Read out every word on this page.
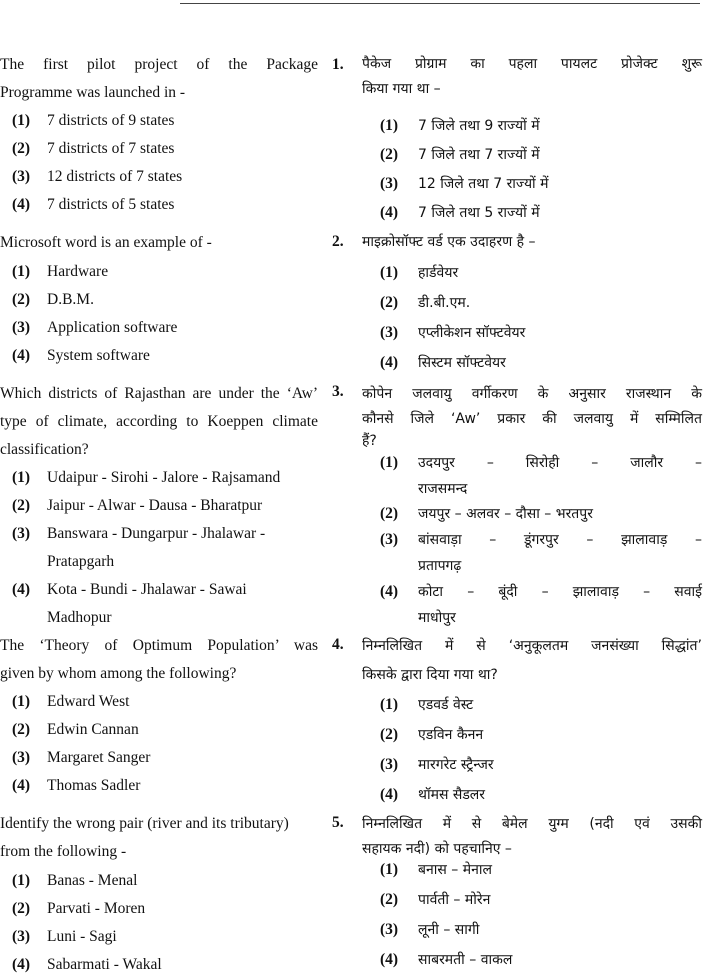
The first pilot project of the Package

Programme was launched in -

(1) 7 districts of 9 states
(2) 7 districts of 7 states
(3) 12 districts of 7 states
(4) 7 districts of 5 states

Microsoft word is an example of -

(1) Hardware
(2) D.B.M.
(3) Application software
(4) System software

Which districts of Rajasthan are under the ‘Aw’

type of climate, according to Koeppen climate

classification?

(1) Udaipur - Sirohi - Jalore - Rajsamand
(2) Jaipur - Alwar - Dausa - Bharatpur
(3) Banswara - Dungarpur - Jhalawar -
Pratapgarh
(4) Kota - Bundi - Jhalawar - Sawai
Madhopur

The ‘Theory of Optimum Population’ was

given by whom among the following?

(1) Edward West
(2) Edwin Cannan
(3) Margaret Sanger
(4) Thomas Sadler

Identify the wrong pair (river and its tributary)

from the following -

(1) Banas - Menal
(2) Parvati - Moren
(3) Luni - Sagi
(4) Sabarmati - Wakal
1.
2.
3.
4.
5.

पैकेज प्रोग्राम का पहला पायलट प्रोजेक्ट शुरू

किया गया था –

(1) 7 जिले तथा 9 राज्यों में
(2) 7 जिले तथा 7 राज्यों में
(3) 12 जिले तथा 7 राज्यों में
(4) 7 जिले तथा 5 राज्यों में

माइक्रोसॉफ्ट वर्ड एक उदाहरण है –

(1) हार्डवेयर
(2) डी.बी.एम.
(3) एप्लीकेशन सॉफ्टवेयर
(4) सिस्टम सॉफ्टवेयर

कोपेन जलवायु वर्गीकरण के अनुसार राजस्थान के

कौनसे जिले ‘Aw’ प्रकार की जलवायु में सम्मिलित

हैं?

(1) उदयपुर – सिरोही – जालौर –
राजसमन्द
(2) जयपुर – अलवर – दौसा – भरतपुर
(3) बांसवाड़ा – डूंगरपुर – झालावाड़ –
प्रतापगढ़
(4) कोटा – बूंदी – झालावाड़ – सवाई
माधोपुर

निम्नलिखित में से ‘अनुकूलतम जनसंख्या सिद्धांत’

किसके द्वारा दिया गया था?

(1) एडवर्ड वेस्ट
(2) एडविन कैनन
(3) मारगरेट स्ट्रैन्जर
(4) थॉमस सैडलर

निम्नलिखित में से बेमेल युग्म (नदी एवं उसकी

सहायक नदी) को पहचानिए –

(1) बनास – मेनाल
(2) पार्वती – मोरेन
(3) लूनी – सागी
(4) साबरमती – वाकल
